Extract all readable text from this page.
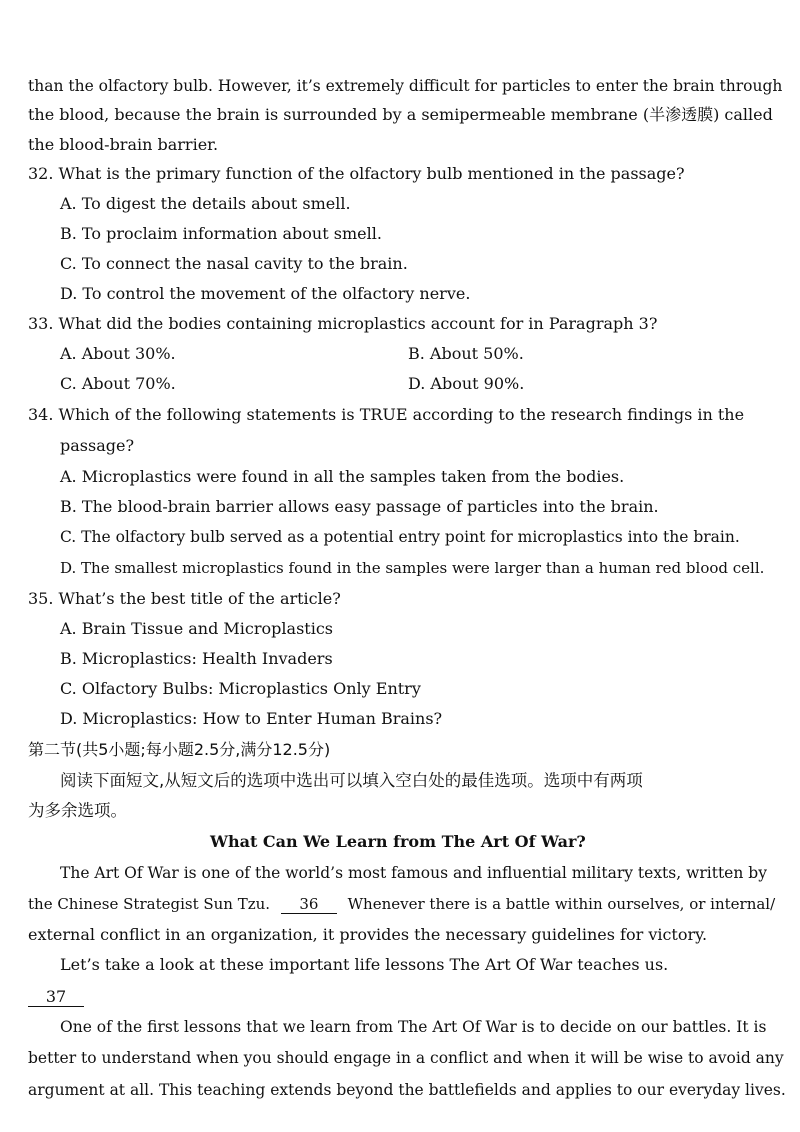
than the olfactory bulb. However, it’s extremely difficult for particles to enter the brain through
the blood, because the brain is surrounded by a semipermeable membrane (半渗透膜) called
the blood-brain barrier.
32. What is the primary function of the olfactory bulb mentioned in the passage?
A. To digest the details about smell.
B. To proclaim information about smell.
C. To connect the nasal cavity to the brain.
D. To control the movement of the olfactory nerve.
33. What did the bodies containing microplastics account for in Paragraph 3?
A. About 30%.	B. About 50%.
C. About 70%.	D. About 90%.
34. Which of the following statements is TRUE according to the research findings in the
passage?
A. Microplastics were found in all the samples taken from the bodies.
B. The blood-brain barrier allows easy passage of particles into the brain.
C. The olfactory bulb served as a potential entry point for microplastics into the brain.
D. The smallest microplastics found in the samples were larger than a human red blood cell.
35. What’s the best title of the article?
A. Brain Tissue and Microplastics
B. Microplastics: Health Invaders
C. Olfactory Bulbs: Microplastics Only Entry
D. Microplastics: How to Enter Human Brains?
第二节(共5小题;每小题2.5分,满分12.5分)
阅读下面短文,从短文后的选项中选出可以填入空白处的最佳选项。选项中有两项
为多余选项。
What Can We Learn from The Art Of War?
The Art Of War is one of the world’s most famous and influential military texts, written by
the Chinese Strategist Sun Tzu. 36 Whenever there is a battle within ourselves, or internal/
external conflict in an organization, it provides the necessary guidelines for victory.
Let’s take a look at these important life lessons The Art Of War teaches us.
37
One of the first lessons that we learn from The Art Of War is to decide on our battles. It is
better to understand when you should engage in a conflict and when it will be wise to avoid any
argument at all. This teaching extends beyond the battlefields and applies to our everyday lives.
